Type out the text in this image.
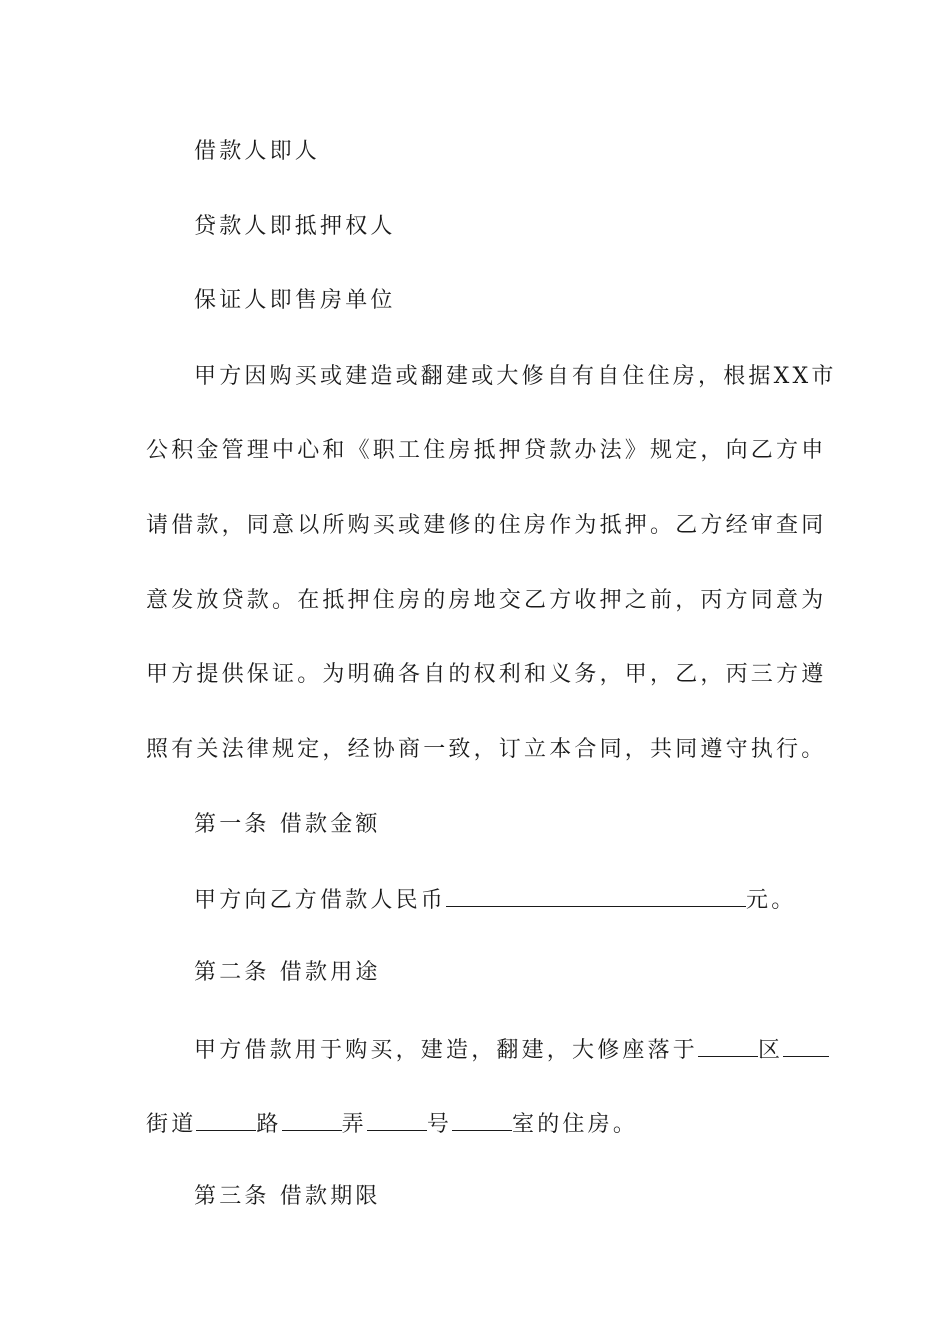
借款人即人
贷款人即抵押权人
保证人即售房单位
甲方因购买或建造或翻建或大修自有自住住房，根据XX市
公积金管理中心和《职工住房抵押贷款办法》规定，向乙方申
请借款，同意以所购买或建修的住房作为抵押。乙方经审查同
意发放贷款。在抵押住房的房地交乙方收押之前，丙方同意为
甲方提供保证。为明确各自的权利和义务，甲，乙，丙三方遵
照有关法律规定，经协商一致，订立本合同，共同遵守执行。
第一条 借款金额
甲方向乙方借款人民币	元。
第二条 借款用途
甲方借款用于购买，建造，翻建，大修座落于	区
街道	路	弄	号	室的住房。
第三条 借款期限
